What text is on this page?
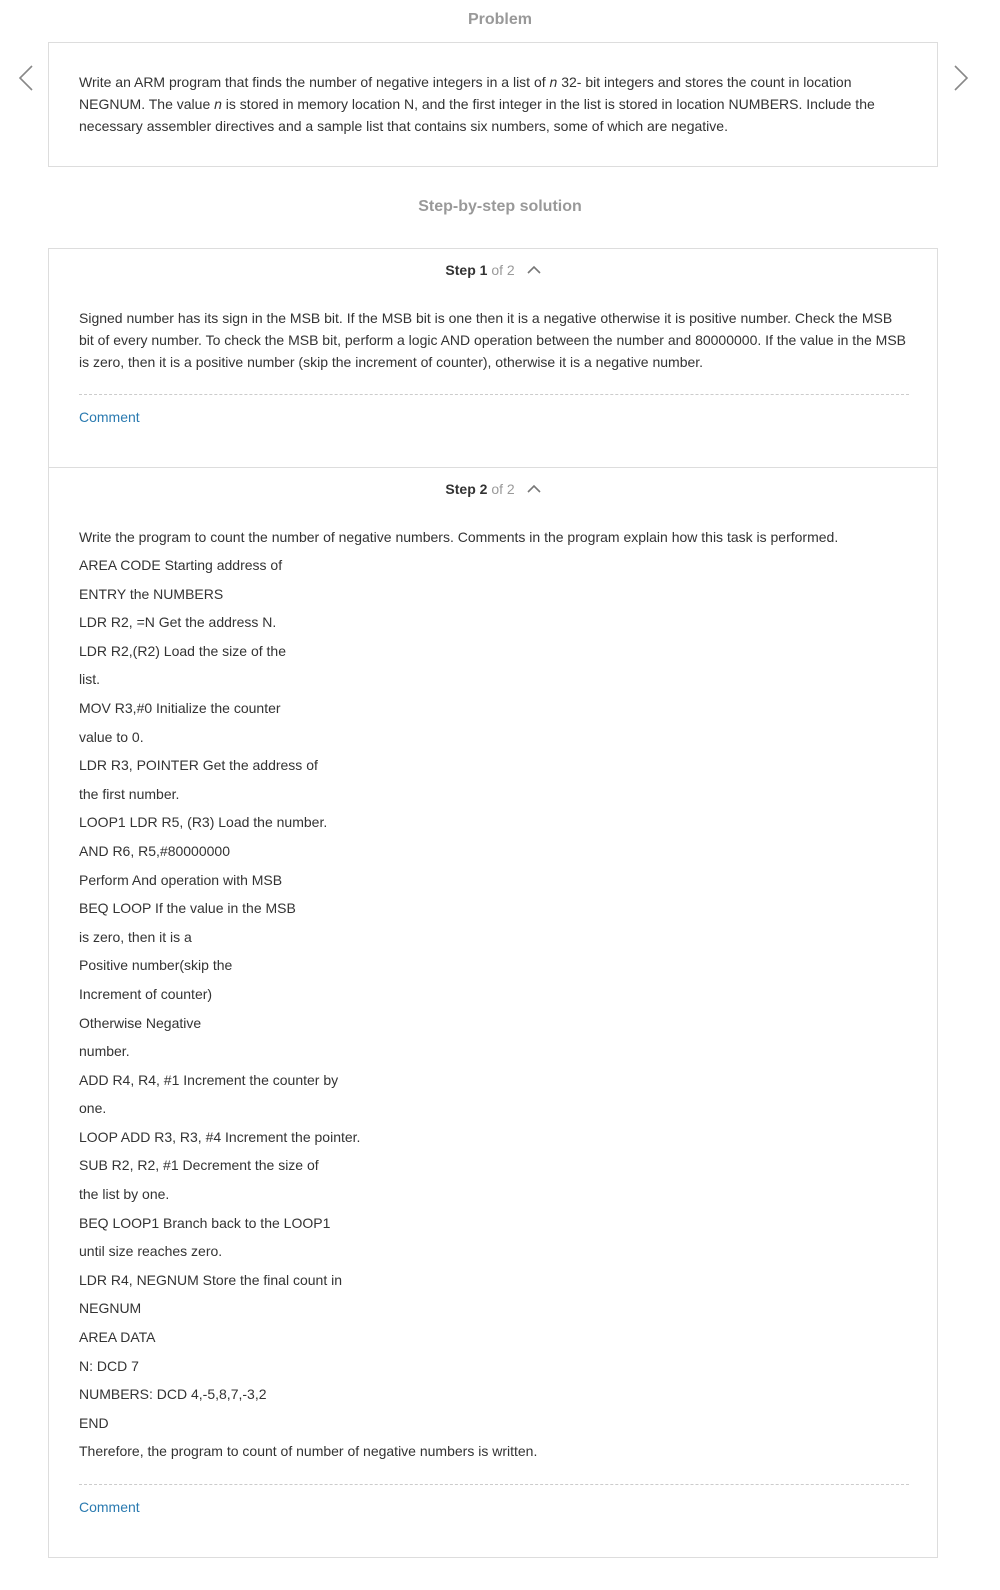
Problem
Write an ARM program that finds the number of negative integers in a list of n 32- bit integers and stores the count in location NEGNUM. The value n is stored in memory location N, and the first integer in the list is stored in location NUMBERS. Include the necessary assembler directives and a sample list that contains six numbers, some of which are negative.
Step-by-step solution
Step 1 of 2
Signed number has its sign in the MSB bit. If the MSB bit is one then it is a negative otherwise it is positive number. Check the MSB bit of every number. To check the MSB bit, perform a logic AND operation between the number and 80000000. If the value in the MSB is zero, then it is a positive number (skip the increment of counter), otherwise it is a negative number.
Comment
Step 2 of 2
Write the program to count the number of negative numbers. Comments in the program explain how this task is performed.
AREA CODE Starting address of
ENTRY the NUMBERS
LDR R2, =N Get the address N.
LDR R2,(R2) Load the size of the
list.
MOV R3,#0 Initialize the counter
value to 0.
LDR R3, POINTER Get the address of
the first number.
LOOP1 LDR R5, (R3) Load the number.
AND R6, R5,#80000000
Perform And operation with MSB
BEQ LOOP If the value in the MSB
is zero, then it is a
Positive number(skip the
Increment of counter)
Otherwise Negative
number.
ADD R4, R4, #1 Increment the counter by
one.
LOOP ADD R3, R3, #4 Increment the pointer.
SUB R2, R2, #1 Decrement the size of
the list by one.
BEQ LOOP1 Branch back to the LOOP1
until size reaches zero.
LDR R4, NEGNUM Store the final count in
NEGNUM
AREA DATA
N: DCD 7
NUMBERS: DCD 4,-5,8,7,-3,2
END
Therefore, the program to count of number of negative numbers is written.
Comment
